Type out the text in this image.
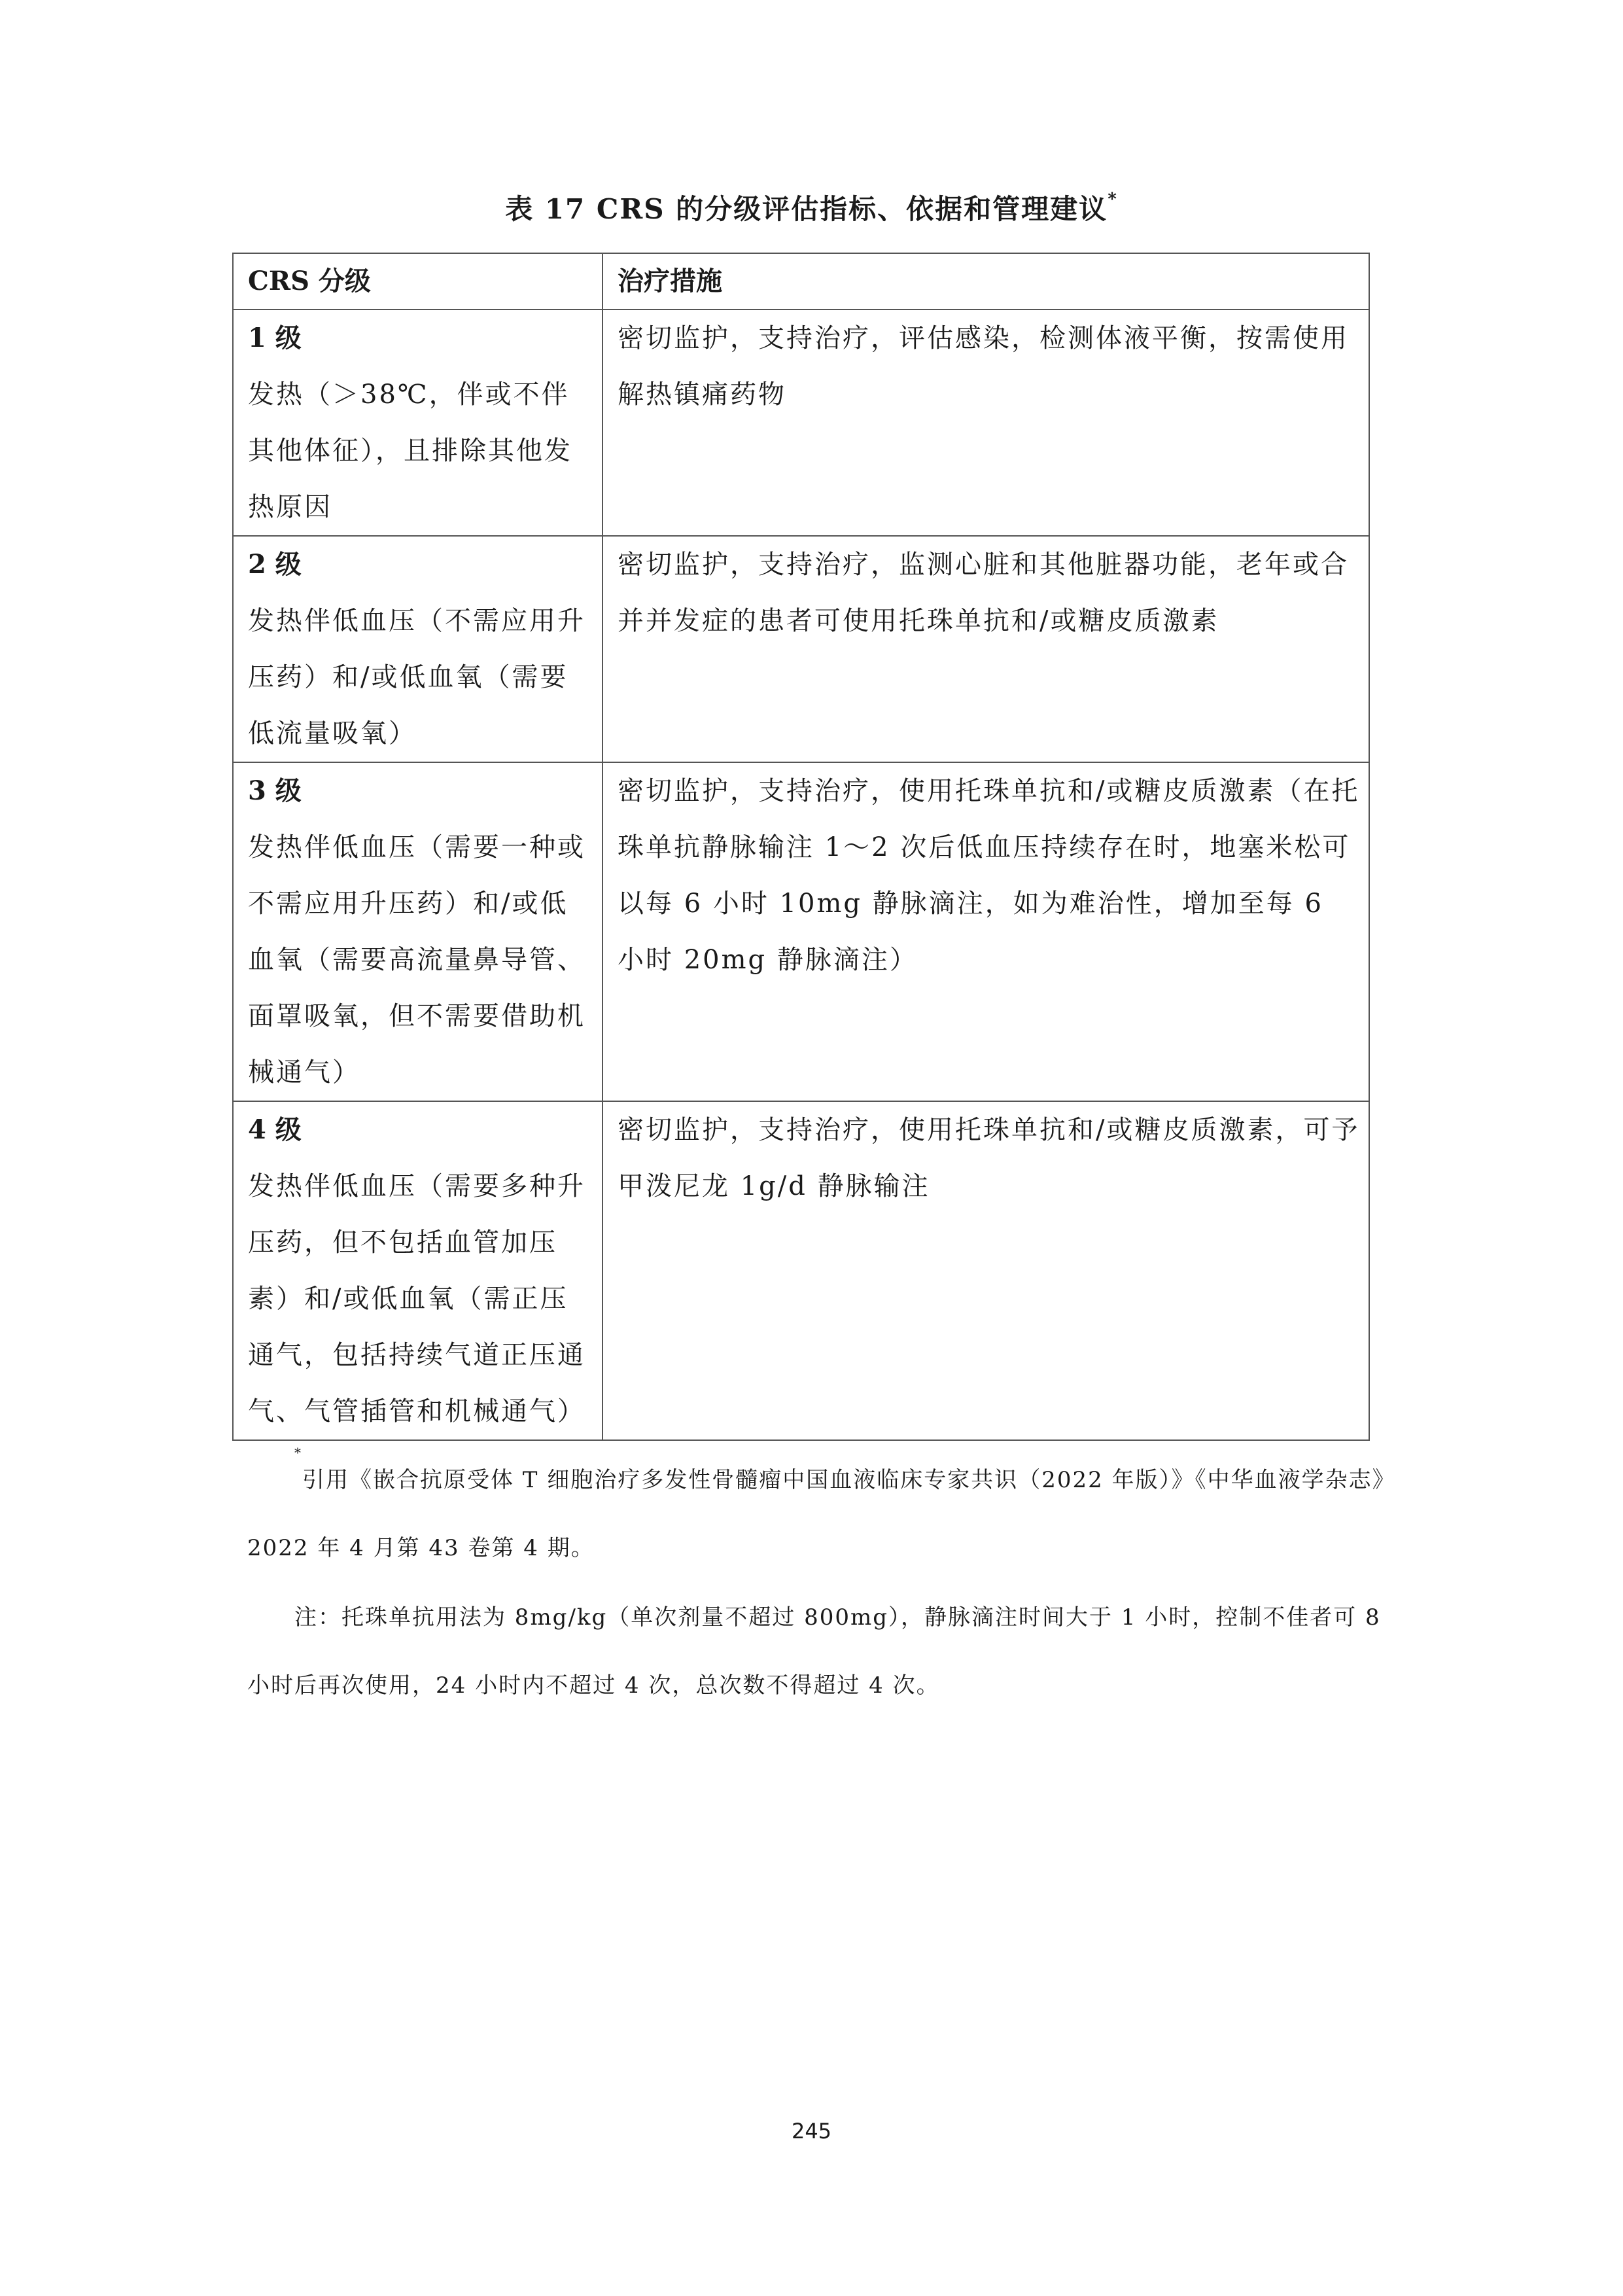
表 17 CRS 的分级评估指标、依据和管理建议*
CRS 分级	治疗措施

1 级
发热（＞38℃，伴或不伴其他体征），且排除其他发热原因	密切监护，支持治疗，评估感染，检测体液平衡，按需使用解热镇痛药物

2 级
发热伴低血压（不需应用升压药）和/或低血氧（需要低流量吸氧）	密切监护，支持治疗，监测心脏和其他脏器功能，老年或合并并发症的患者可使用托珠单抗和/或糖皮质激素

3 级
发热伴低血压（需要一种或不需应用升压药）和/或低血氧（需要高流量鼻导管、面罩吸氧，但不需要借助机械通气）	密切监护，支持治疗，使用托珠单抗和/或糖皮质激素（在托珠单抗静脉输注 1～2 次后低血压持续存在时，地塞米松可以每 6 小时 10mg 静脉滴注，如为难治性，增加至每 6 小时 20mg 静脉滴注）

4 级
发热伴低血压（需要多种升压药，但不包括血管加压素）和/或低血氧（需正压通气，包括持续气道正压通气、气管插管和机械通气）	密切监护，支持治疗，使用托珠单抗和/或糖皮质激素，可予甲泼尼龙 1g/d 静脉输注
*引用《嵌合抗原受体 T 细胞治疗多发性骨髓瘤中国血液临床专家共识（2022 年版）》《中华血液学杂志》2022 年 4 月第 43 卷第 4 期。
注：托珠单抗用法为 8mg/kg（单次剂量不超过 800mg），静脉滴注时间大于 1 小时，控制不佳者可 8 小时后再次使用，24 小时内不超过 4 次，总次数不得超过 4 次。
245
